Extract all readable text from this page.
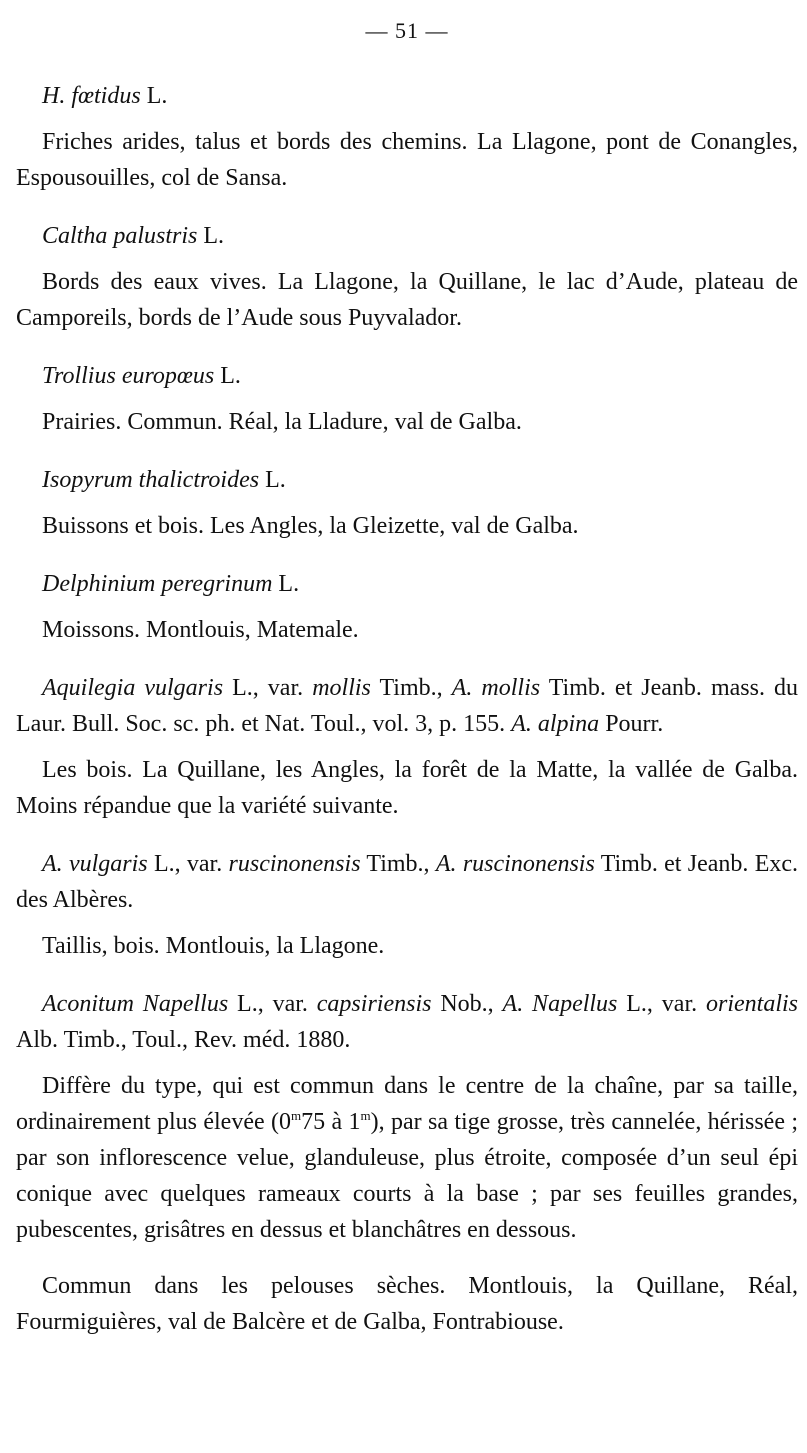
— 51 —

H. fœtidus L.

Friches arides, talus et bords des chemins. La Llagone, pont de Conangles, Espousouilles, col de Sansa.

Caltha palustris L.

Bords des eaux vives. La Llagone, la Quillane, le lac d’Aude, plateau de Camporeils, bords de l’Aude sous Puyvalador.

Trollius europœus L.

Prairies. Commun. Réal, la Lladure, val de Galba.

Isopyrum thalictroides L.

Buissons et bois. Les Angles, la Gleizette, val de Galba.

Delphinium peregrinum L.

Moissons. Montlouis, Matemale.

Aquilegia vulgaris L., var. mollis Timb., A. mollis Timb. et Jeanb. mass. du Laur. Bull. Soc. sc. ph. et Nat. Toul., vol. 3, p. 155. A. alpina Pourr.

Les bois. La Quillane, les Angles, la forêt de la Matte, la vallée de Galba. Moins répandue que la variété suivante.

A. vulgaris L., var. ruscinonensis Timb., A. ruscinonensis Timb. et Jeanb. Exc. des Albères.

Taillis, bois. Montlouis, la Llagone.

Aconitum Napellus L., var. capsiriensis Nob., A. Napellus L., var. orientalis Alb. Timb., Toul., Rev. méd. 1880.

Diffère du type, qui est commun dans le centre de la chaîne, par sa taille, ordinairement plus élevée (0$^m$75 à 1$^m$), par sa tige grosse, très cannelée, hérissée ; par son inflorescence velue, glanduleuse, plus étroite, composée d’un seul épi conique avec quelques rameaux courts à la base ; par ses feuilles grandes, pubescentes, grisâtres en dessus et blanchâtres en dessous.

Commun dans les pelouses sèches. Montlouis, la Quillane, Réal, Fourmiguières, val de Balcère et de Galba, Fontrabiouse.
